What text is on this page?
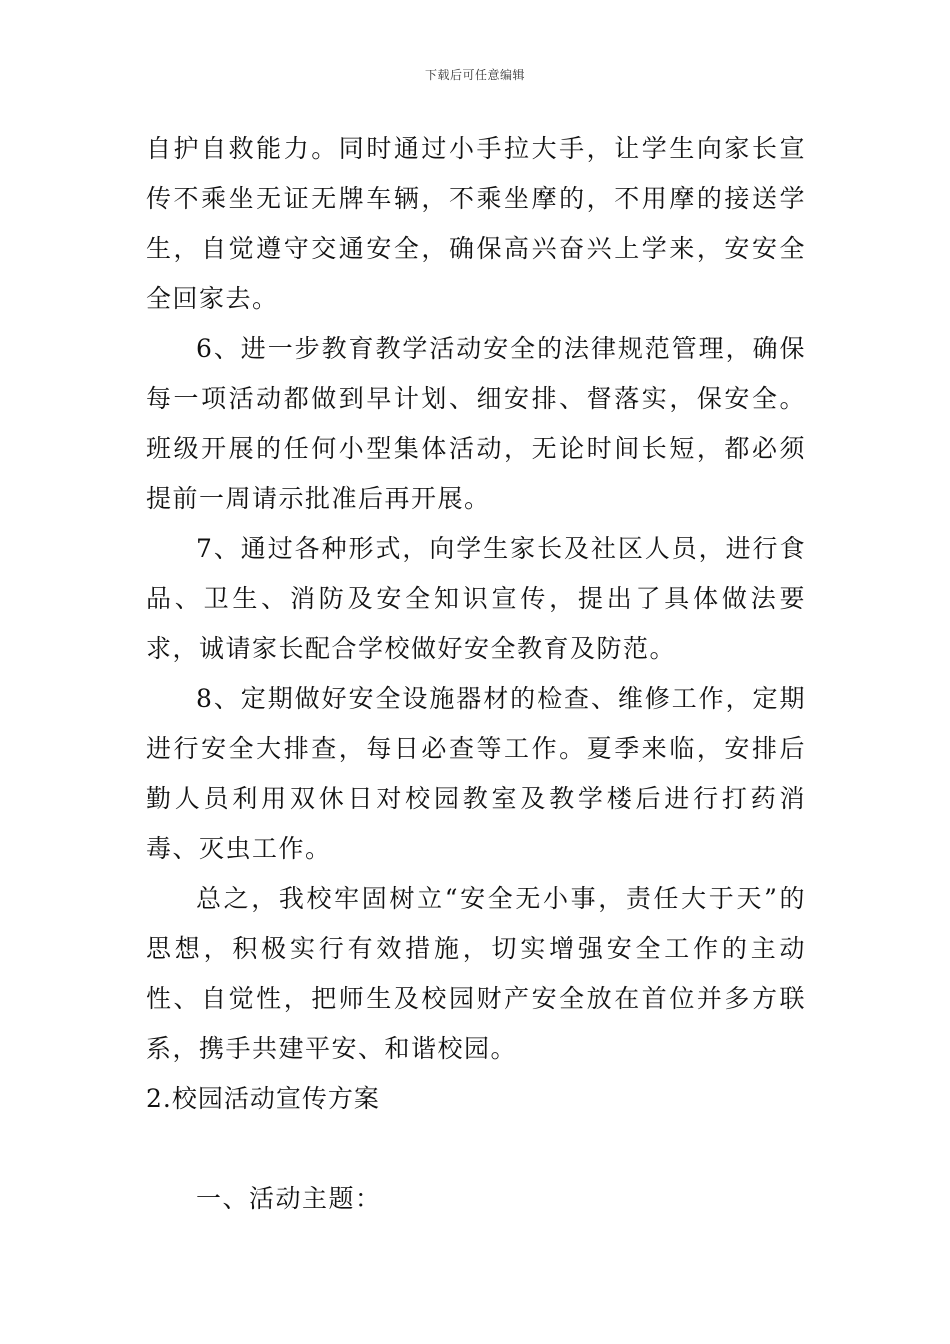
下载后可任意编辑

自护自救能力。同时通过小手拉大手，让学生向家长宣传不乘坐无证无牌车辆，不乘坐摩的，不用摩的接送学生，自觉遵守交通安全，确保高兴奋兴上学来，安安全全回家去。

6、进一步教育教学活动安全的法律规范管理，确保每一项活动都做到早计划、细安排、督落实，保安全。班级开展的任何小型集体活动，无论时间长短，都必须提前一周请示批准后再开展。

7、通过各种形式，向学生家长及社区人员，进行食品、卫生、消防及安全知识宣传，提出了具体做法要求，诚请家长配合学校做好安全教育及防范。

8、定期做好安全设施器材的检查、维修工作，定期进行安全大排查，每日必查等工作。夏季来临，安排后勤人员利用双休日对校园教室及教学楼后进行打药消毒、灭虫工作。

总之，我校牢固树立“安全无小事，责任大于天”的思想，积极实行有效措施，切实增强安全工作的主动性、自觉性，把师生及校园财产安全放在首位并多方联系，携手共建平安、和谐校园。

2.校园活动宣传方案

一、活动主题：
